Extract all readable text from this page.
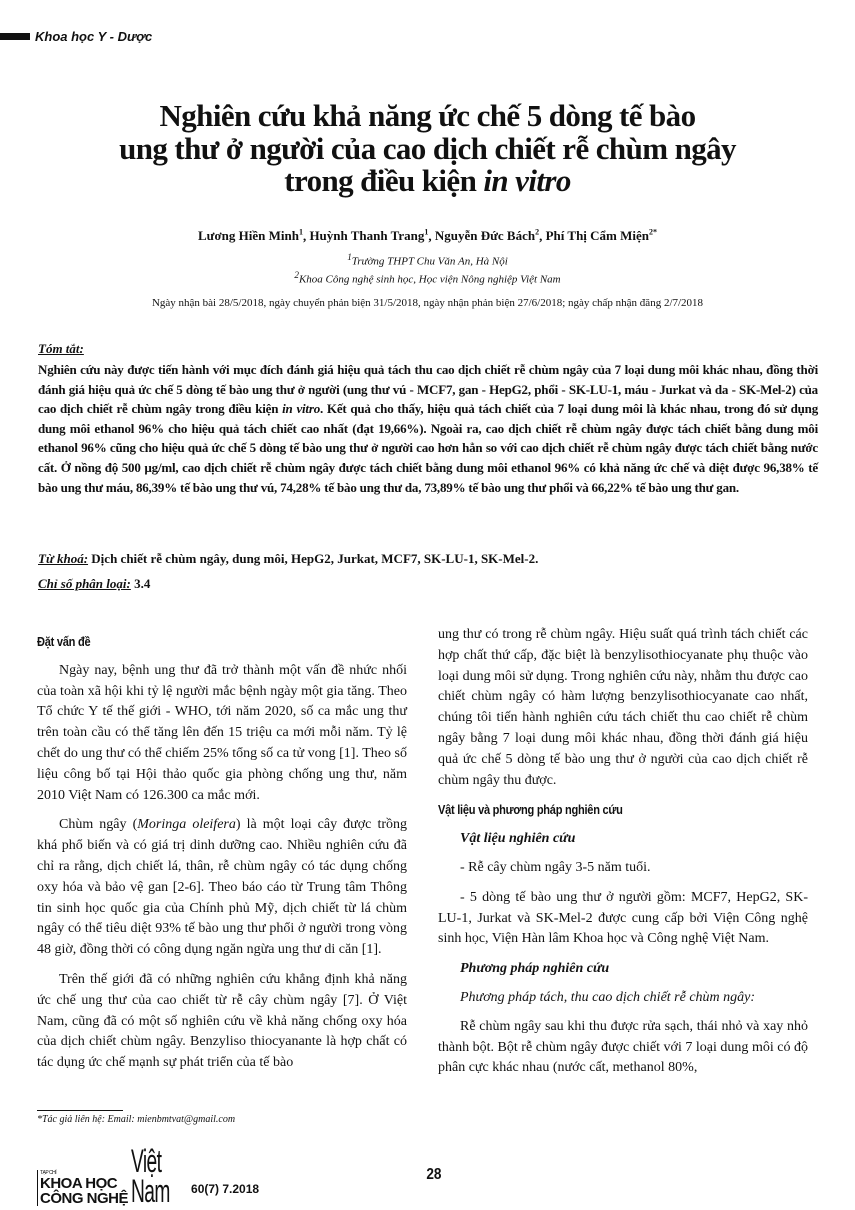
Khoa học Y - Dược
Nghiên cứu khả năng ức chế 5 dòng tế bào
ung thư ở người của cao dịch chiết rễ chùm ngây
trong điều kiện in vitro
Lương Hiền Minh$^1$, Huỳnh Thanh Trang$^1$, Nguyễn Đức Bách$^2$, Phí Thị Cẩm Miện$^{2*}$
$^1$Trường THPT Chu Văn An, Hà Nội
$^2$Khoa Công nghệ sinh học, Học viện Nông nghiệp Việt Nam
Ngày nhận bài 28/5/2018, ngày chuyển phản biện 31/5/2018, ngày nhận phản biện 27/6/2018; ngày chấp nhận đăng 2/7/2018
Tóm tắt:
Nghiên cứu này được tiến hành với mục đích đánh giá hiệu quả tách thu cao dịch chiết rễ chùm ngây của 7 loại dung môi khác nhau, đồng thời đánh giá hiệu quả ức chế 5 dòng tế bào ung thư ở người (ung thư vú - MCF7, gan - HepG2, phổi - SK-LU-1, máu - Jurkat và da - SK-Mel-2) của cao dịch chiết rễ chùm ngây trong điều kiện in vitro. Kết quả cho thấy, hiệu quả tách chiết của 7 loại dung môi là khác nhau, trong đó sử dụng dung môi ethanol 96% cho hiệu quả tách chiết cao nhất (đạt 19,66%). Ngoài ra, cao dịch chiết rễ chùm ngây được tách chiết bằng dung môi ethanol 96% cũng cho hiệu quả ức chế 5 dòng tế bào ung thư ở người cao hơn hẳn so với cao dịch chiết rễ chùm ngây được tách chiết bằng nước cất. Ở nồng độ 500 µg/ml, cao dịch chiết rễ chùm ngây được tách chiết bằng dung môi ethanol 96% có khả năng ức chế và diệt được 96,38% tế bào ung thư máu, 86,39% tế bào ung thư vú, 74,28% tế bào ung thư da, 73,89% tế bào ung thư phổi và 66,22% tế bào ung thư gan.
Từ khoá: Dịch chiết rễ chùm ngây, dung môi, HepG2, Jurkat, MCF7, SK-LU-1, SK-Mel-2.
Chỉ số phân loại: 3.4
Đặt vấn đề

Ngày nay, bệnh ung thư đã trở thành một vấn đề nhức nhối của toàn xã hội khi tỷ lệ người mắc bệnh ngày một gia tăng. Theo Tổ chức Y tế thế giới - WHO, tới năm 2020, số ca mắc ung thư trên toàn cầu có thể tăng lên đến 15 triệu ca mới mỗi năm. Tỷ lệ chết do ung thư có thể chiếm 25% tổng số ca tử vong [1]. Theo số liệu công bố tại Hội thảo quốc gia phòng chống ung thư, năm 2010 Việt Nam có 126.300 ca mắc mới.

Chùm ngây (Moringa oleifera) là một loại cây được trồng khá phổ biến và có giá trị dinh dưỡng cao. Nhiều nghiên cứu đã chỉ ra rằng, dịch chiết lá, thân, rễ chùm ngây có tác dụng chống oxy hóa và bảo vệ gan [2-6]. Theo báo cáo từ Trung tâm Thông tin sinh học quốc gia của Chính phủ Mỹ, dịch chiết từ lá chùm ngây có thể tiêu diệt 93% tế bào ung thư phổi ở người trong vòng 48 giờ, đồng thời có công dụng ngăn ngừa ung thư di căn [1].

Trên thế giới đã có những nghiên cứu khẳng định khả năng ức chế ung thư của cao chiết từ rễ cây chùm ngây [7]. Ở Việt Nam, cũng đã có một số nghiên cứu về khả năng chống oxy hóa của dịch chiết chùm ngây. Benzyliso thiocyanante là hợp chất có tác dụng ức chế mạnh sự phát triển của tế bào

ung thư có trong rễ chùm ngây. Hiệu suất quá trình tách chiết các hợp chất thứ cấp, đặc biệt là benzylisothiocyanate phụ thuộc vào loại dung môi sử dụng. Trong nghiên cứu này, nhằm thu được cao chiết chùm ngây có hàm lượng benzylisothiocyanate cao nhất, chúng tôi tiến hành nghiên cứu tách chiết thu cao chiết rễ chùm ngây bằng 7 loại dung môi khác nhau, đồng thời đánh giá hiệu quả ức chế 5 dòng tế bào ung thư ở người của cao dịch chiết rễ chùm ngây thu được.

Vật liệu và phương pháp nghiên cứu
Vật liệu nghiên cứu

- Rễ cây chùm ngây 3-5 năm tuổi.

- 5 dòng tế bào ung thư ở người gồm: MCF7, HepG2, SK-LU-1, Jurkat và SK-Mel-2 được cung cấp bởi Viện Công nghệ sinh học, Viện Hàn lâm Khoa học và Công nghệ Việt Nam.

Phương pháp nghiên cứu
Phương pháp tách, thu cao dịch chiết rễ chùm ngây:

Rễ chùm ngây sau khi thu được rửa sạch, thái nhỏ và xay nhỏ thành bột. Bột rễ chùm ngây được chiết với 7 loại dung môi có độ phân cực khác nhau (nước cất, methanol 80%,

*Tác giả liên hệ: Email: mienbmtvat@gmail.com
TẠP CHÍ
KHOA HỌC
CÔNG NGHỆ
Việt Nam 60(7) 7.2018
28
